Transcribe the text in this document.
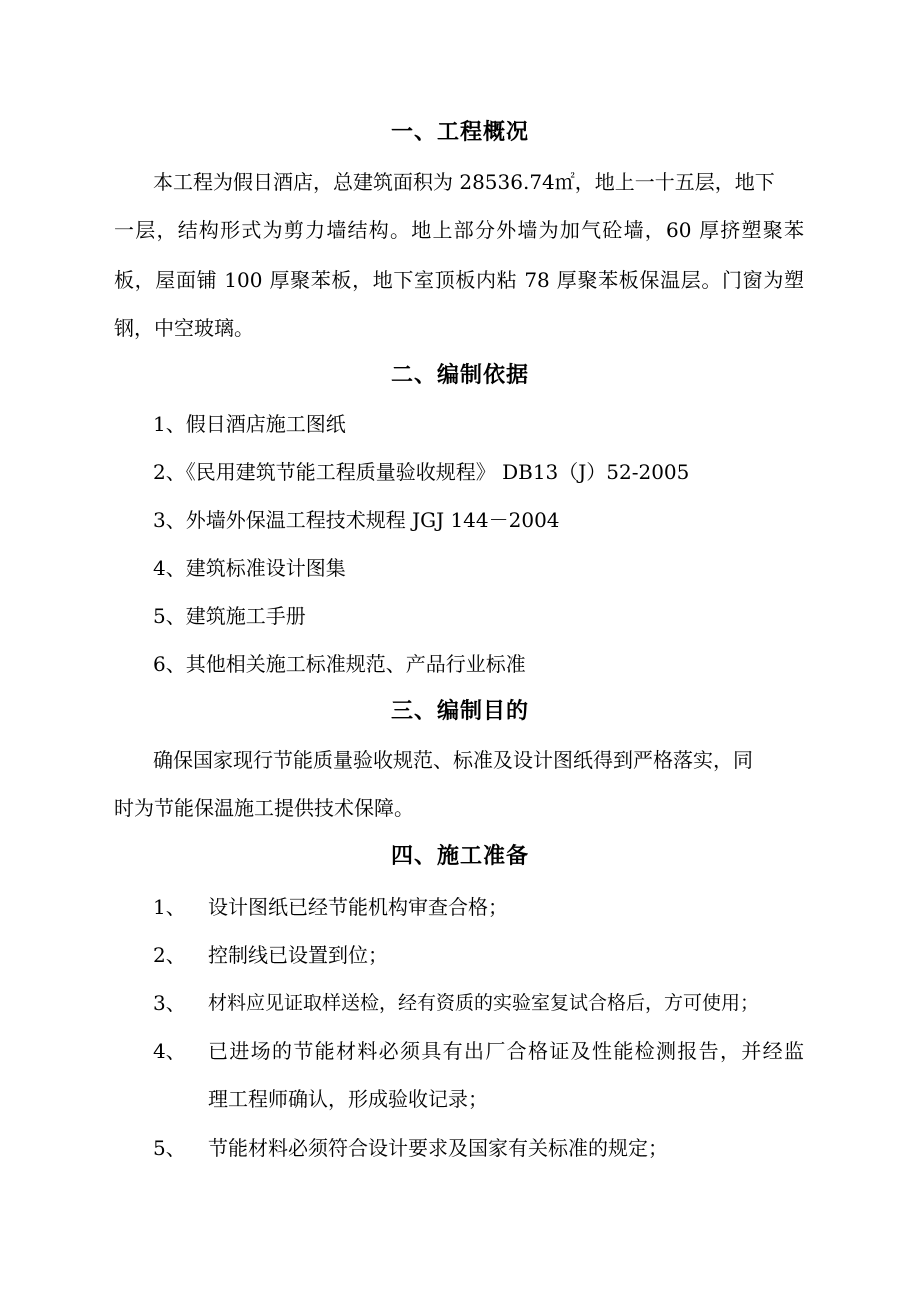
一、工程概况
本工程为假日酒店，总建筑面积为 28536.74㎡，地上一十五层，地下
一层，结构形式为剪力墙结构。地上部分外墙为加气砼墙，60 厚挤塑聚苯
板，屋面铺 100 厚聚苯板，地下室顶板内粘 78 厚聚苯板保温层。门窗为塑
钢，中空玻璃。
二、编制依据
1、假日酒店施工图纸
2、《民用建筑节能工程质量验收规程》 DB13（J）52-2005
3、外墙外保温工程技术规程 JGJ 144－2004
4、建筑标准设计图集
5、建筑施工手册
6、其他相关施工标准规范、产品行业标准
三、编制目的
确保国家现行节能质量验收规范、标准及设计图纸得到严格落实，同
时为节能保温施工提供技术保障。
四、施工准备
1、 设计图纸已经节能机构审查合格；
2、 控制线已设置到位；
3、 材料应见证取样送检，经有资质的实验室复试合格后，方可使用；
4、 已进场的节能材料必须具有出厂合格证及性能检测报告，并经监
理工程师确认，形成验收记录；
5、 节能材料必须符合设计要求及国家有关标准的规定；
